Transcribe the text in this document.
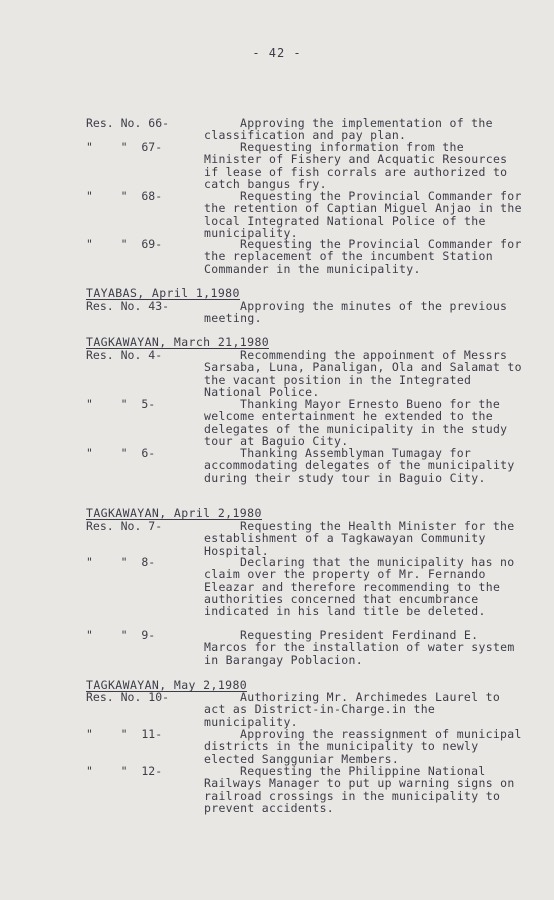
- 42 -
Res. No. 66-	Approving the implementation of the classification and pay plan.
"    "  67-	Requesting information from the Minister of Fishery and Acquatic Resources if lease of fish corrals are authorized to catch bangus fry.
"    "  68-	Requesting the Provincial Commander for the retention of Captian Miguel Anjao in the local Integrated National Police of the municipality.
"    "  69-	Requesting the Provincial Commander for the replacement of the incumbent Station Commander in the municipality.
TAYABAS, April 1,1980
Res. No. 43-	Approving the minutes of the previous meeting.
TAGKAWAYAN, March 21,1980
Res. No. 4-	Recommending the appoinment of Messrs Sarsaba, Luna, Panaligan, Ola and Salamat to the vacant position in the Integrated National Police.
"    "  5-	Thanking Mayor Ernesto Bueno for the welcome entertainment he extended to the delegates of the municipality in the study tour at Baguio City.
"    "  6-	Thanking Assemblyman Tumagay for accommodating delegates of the municipality during their study tour in Baguio City.
TAGKAWAYAN, April 2,1980
Res. No. 7-	Requesting the Health Minister for the establishment of a Tagkawayan Community Hospital.
"    "  8-	Declaring that the municipality has no claim over the property of Mr. Fernando Eleazar and therefore recommending to the authorities concerned that encumbrance indicated in his land title be deleted.
"    "  9-	Requesting President Ferdinand E. Marcos for the installation of water system in Barangay Poblacion.
TAGKAWAYAN, May 2,1980
Res. No. 10-	Authorizing Mr. Archimedes Laurel to act as District-in-Charge.in the municipality.
"    "  11-	Approving the reassignment of municipal districts in the municipality to newly elected Sangguniar Members.
"    "  12-	Requesting the Philippine National Railways Manager to put up warning signs on railroad crossings in the municipality to prevent accidents.
